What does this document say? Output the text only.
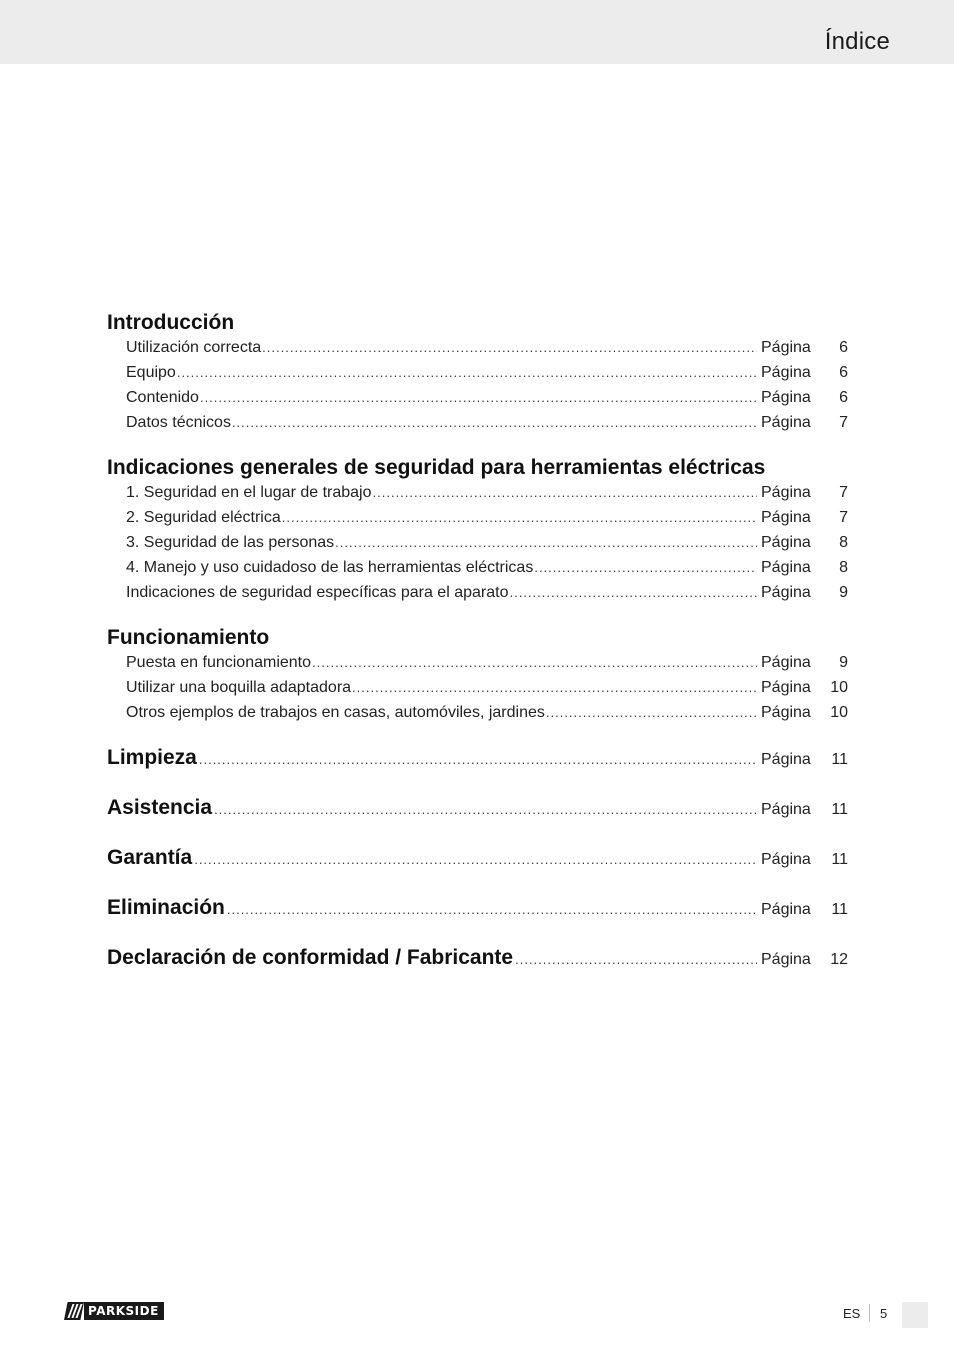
Índice
Introducción
Utilización correcta .....	Página	6
Equipo .....	Página	6
Contenido .....	Página	6
Datos técnicos .....	Página	7
Indicaciones generales de seguridad para herramientas eléctricas
1. Seguridad en el lugar de trabajo .....	Página	7
2. Seguridad eléctrica .....	Página	7
3. Seguridad de las personas .....	Página	8
4. Manejo y uso cuidadoso de las herramientas eléctricas .....	Página	8
Indicaciones de seguridad específicas para el aparato .....	Página	9
Funcionamiento
Puesta en funcionamiento .....	Página	9
Utilizar una boquilla adaptadora .....	Página	10
Otros ejemplos de trabajos en casas, automóviles, jardines .....	Página	10
Limpieza .....	Página	11
Asistencia .....	Página	11
Garantía .....	Página	11
Eliminación .....	Página	11
Declaración de conformidad / Fabricante .....	Página	12
PARKSIDE	ES 5
